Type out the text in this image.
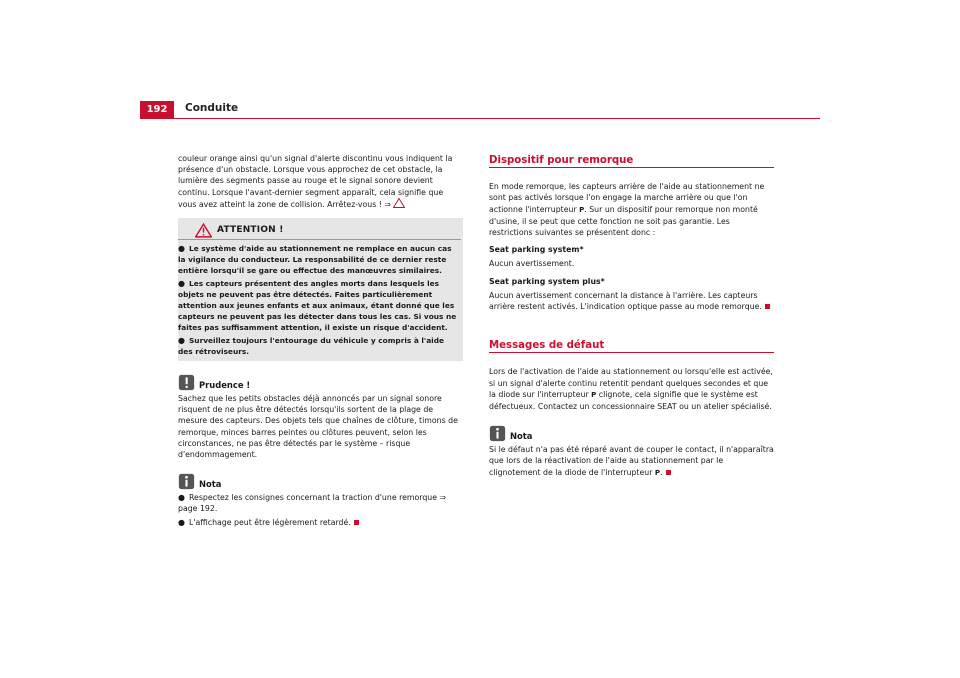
192	Conduite

couleur orange ainsi qu'un signal d'alerte discontinu vous indiquent la présence d'un obstacle. Lorsque vous approchez de cet obstacle, la lumière des segments passe au rouge et le signal sonore devient continu. Lorsque l'avant-dernier segment apparaît, cela signifie que vous avez atteint la zone de collision. Arrêtez-vous ! ⇒

ATTENTION !
● Le système d'aide au stationnement ne remplace en aucun cas la vigilance du conducteur. La responsabilité de ce dernier reste entière lorsqu'il se gare ou effectue des manœuvres similaires.
● Les capteurs présentent des angles morts dans lesquels les objets ne peuvent pas être détectés. Faites particulièrement attention aux jeunes enfants et aux animaux, étant donné que les capteurs ne peuvent pas les détecter dans tous les cas. Si vous ne faites pas suffisamment attention, il existe un risque d'accident.
● Surveillez toujours l'entourage du véhicule y compris à l'aide des rétroviseurs.
Prudence !

Sachez que les petits obstacles déjà annoncés par un signal sonore risquent de ne plus être détectés lorsqu'ils sortent de la plage de mesure des capteurs. Des objets tels que chaînes de clôture, timons de remorque, minces barres peintes ou clôtures peuvent, selon les circonstances, ne pas être détectés par le système – risque d'endommagement.

Nota
● Respectez les consignes concernant la traction d'une remorque ⇒ page 192.
● L'affichage peut être légèrement retardé.
Dispositif pour remorque

En mode remorque, les capteurs arrière de l'aide au stationnement ne sont pas activés lorsque l'on engage la marche arrière ou que l'on actionne l'interrupteur P. Sur un dispositif pour remorque non monté d'usine, il se peut que cette fonction ne soit pas garantie. Les restrictions suivantes se présentent donc :

Seat parking system*

Aucun avertissement.

Seat parking system plus*

Aucun avertissement concernant la distance à l'arrière. Les capteurs arrière restent activés. L'indication optique passe au mode remorque.

Messages de défaut

Lors de l'activation de l'aide au stationnement ou lorsqu'elle est activée, si un signal d'alerte continu retentit pendant quelques secondes et que la diode sur l'interrupteur P clignote, cela signifie que le système est défectueux. Contactez un concessionnaire SEAT ou un atelier spécialisé.

Nota

Si le défaut n'a pas été réparé avant de couper le contact, il n'apparaîtra que lors de la réactivation de l'aide au stationnement par le clignotement de la diode de l'interrupteur P.
